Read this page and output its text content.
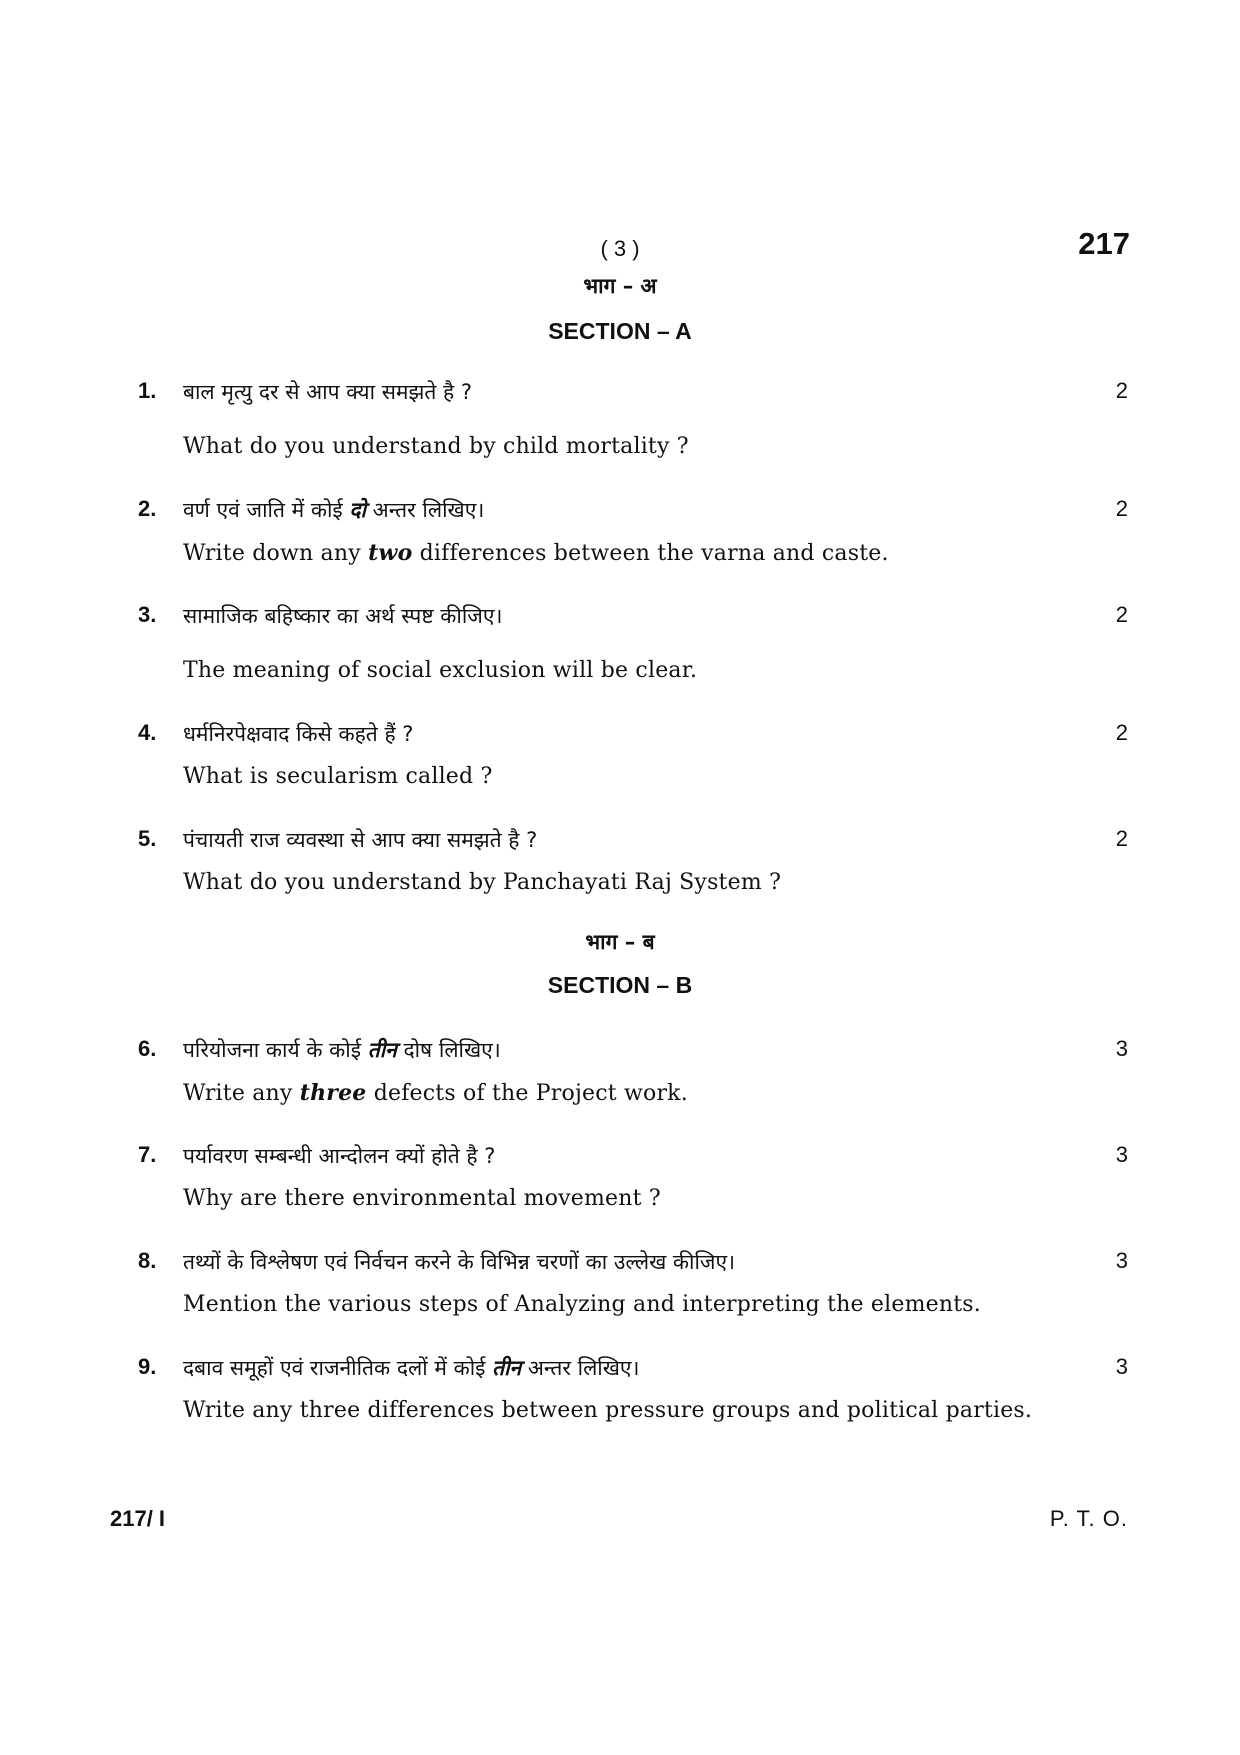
( 3 )	217
भाग – अ
SECTION – A
1. बाल मृत्यु दर से आप क्या समझते है ?	2
What do you understand by child mortality ?
2. वर्ण एवं जाति में कोई दो अन्तर लिखिए।	2
Write down any two differences between the varna and caste.
3. सामाजिक बहिष्कार का अर्थ स्पष्ट कीजिए।	2
The meaning of social exclusion will be clear.
4. धर्मनिरपेक्षवाद किसे कहते हैं ?	2
What is secularism called ?
5. पंचायती राज व्यवस्था से आप क्या समझते है ?	2
What do you understand by Panchayati Raj System ?
भाग – ब
SECTION – B
6. परियोजना कार्य के कोई तीन दोष लिखिए।	3
Write any three defects of the Project work.
7. पर्यावरण सम्बन्धी आन्दोलन क्यों होते है ?	3
Why are there environmental movement ?
8. तथ्यों के विश्लेषण एवं निर्वचन करने के विभिन्न चरणों का उल्लेख कीजिए।	3
Mention the various steps of Analyzing and interpreting the elements.
9. दबाव समूहों एवं राजनीतिक दलों में कोई तीन अन्तर लिखिए।	3
Write any three differences between pressure groups and political parties.
217/ I	P. T. O.
